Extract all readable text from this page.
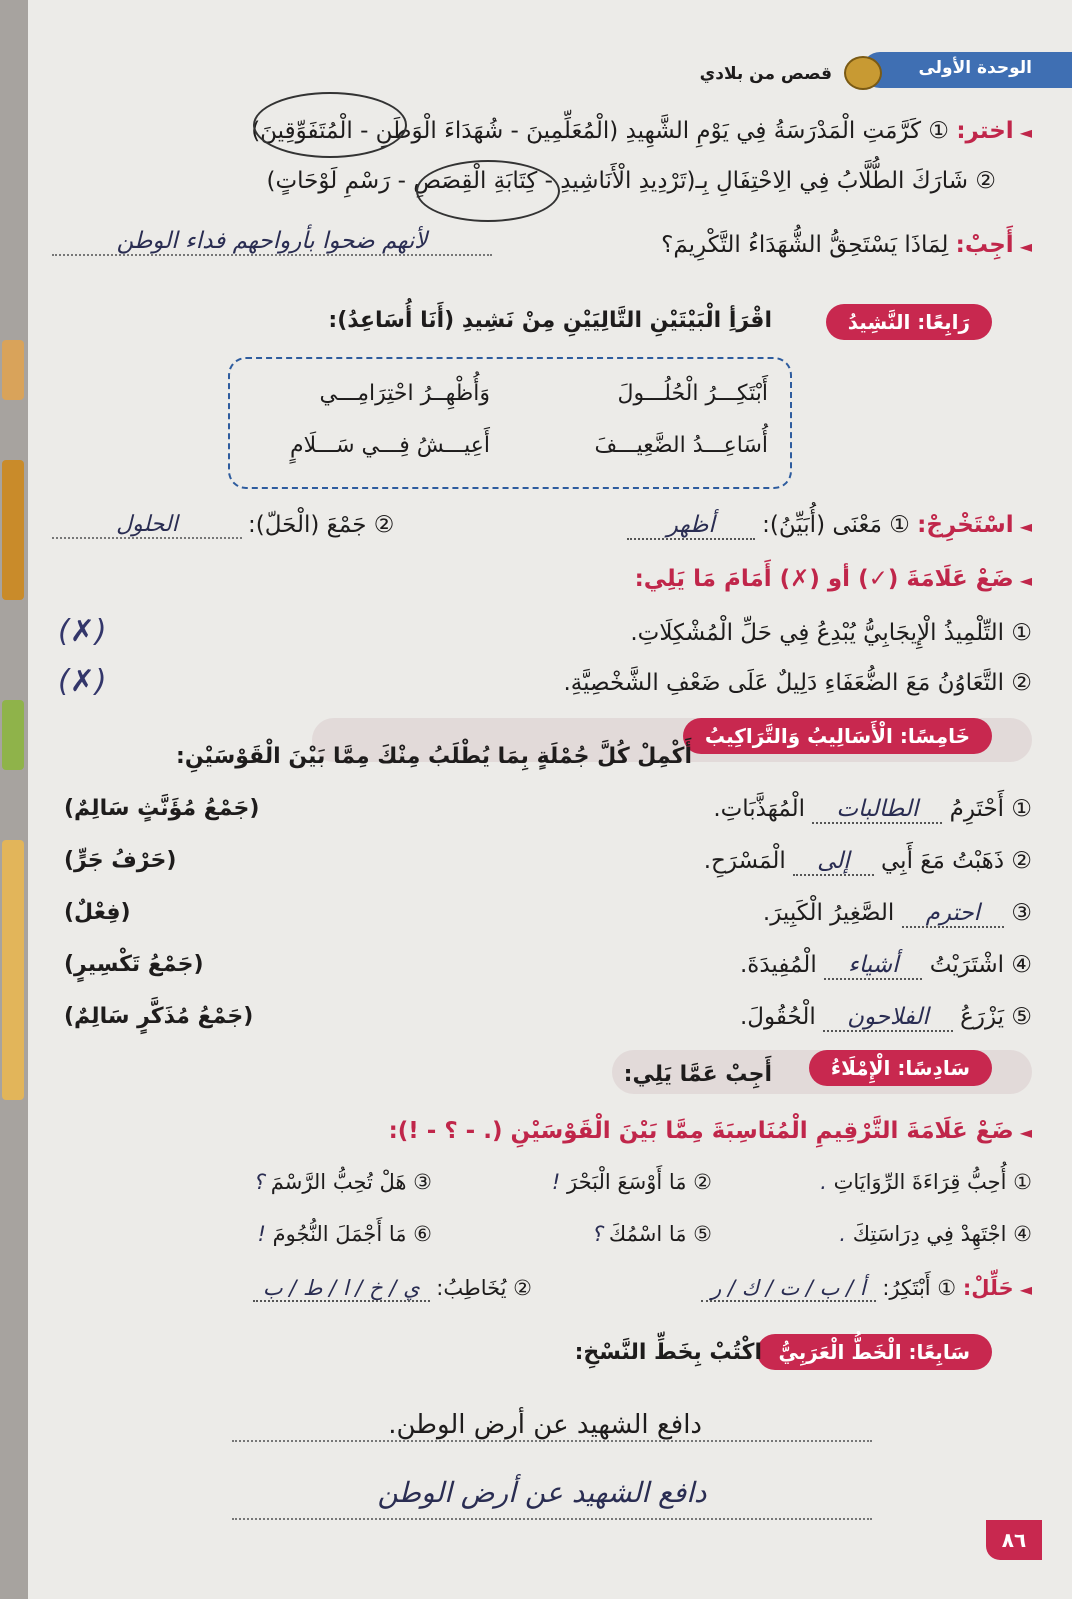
الوحدة الأولى
قصص من بلادي
◄اختر: ① كَرَّمَتِ الْمَدْرَسَةُ فِي يَوْمِ الشَّهِيدِ (الْمُعَلِّمِينَ - شُهَدَاءَ الْوَطَنِ - الْمُتَفَوِّقِينَ)
② شَارَكَ الطُّلَّابُ فِي الِاحْتِفَالِ بِـ(تَرْدِيدِ الْأَنَاشِيدِ - كِتَابَةِ الْقِصَصِ - رَسْمِ لَوْحَاتٍ)
◄أَجِبْ: لِمَاذَا يَسْتَحِقُّ الشُّهَدَاءُ التَّكْرِيمَ؟
لأنهم ضحوا بأرواحهم فداء الوطن
رَابِعًا: النَّشِيدُ
اقْرَأِ الْبَيْتَيْنِ التَّالِيَيْنِ مِنْ نَشِيدِ (أَنَا أُسَاعِدُ):
أَبْتَكِـــرُ الْحُلُـــولَ
وَأُظْهِــرُ احْتِرَامِـــي
أُسَاعِـــدُ الضَّعِيـــفَ
أَعِيـــشُ فِـــي سَـــلَامٍ
◄اسْتَخْرِجْ: ① مَعْنَى (أُبَيِّنُ): أظهر
② جَمْعَ (الْحَلّ):
الحلول
◄ضَعْ عَلَامَةَ (✓) أو (✗) أَمَامَ مَا يَلِي:
① التِّلْمِيذُ الْإِيجَابِيُّ يُبْدِعُ فِي حَلِّ الْمُشْكِلَاتِ.
(✗)
② التَّعَاوُنُ مَعَ الضُّعَفَاءِ دَلِيلٌ عَلَى ضَعْفِ الشَّخْصِيَّةِ.
(✗)
خَامِسًا: الْأَسَالِيبُ وَالتَّرَاكِيبُ
أَكْمِلْ كُلَّ جُمْلَةٍ بِمَا يُطْلَبُ مِنْكَ مِمَّا بَيْنَ الْقَوْسَيْنِ:
① أَحْتَرِمُ الطالبات الْمُهَذَّبَاتِ.
(جَمْعُ مُؤَنَّثٍ سَالِمٌ)
② ذَهَبْتُ مَعَ أَبِي إلى الْمَسْرَحِ.
(حَرْفُ جَرٍّ)
③ احترم الصَّغِيرُ الْكَبِيرَ.
(فِعْلٌ)
④ اشْتَرَيْتُ أشياء الْمُفِيدَةَ.
(جَمْعُ تَكْسِيرٍ)
⑤ يَزْرَعُ الفلاحون الْحُقُولَ.
(جَمْعُ مُذَكَّرٍ سَالِمٌ)
سَادِسًا: الْإِمْلَاءُ
أَجِبْ عَمَّا يَلِي:
◄ضَعْ عَلَامَةَ التَّرْقِيمِ الْمُنَاسِبَةَ مِمَّا بَيْنَ الْقَوْسَيْنِ (. - ؟ - !):
① أُحِبُّ قِرَاءَةَ الرِّوَايَاتِ .
② مَا أَوْسَعَ الْبَحْرَ !
③ هَلْ تُحِبُّ الرَّسْمَ ؟
④ اجْتَهِدْ فِي دِرَاسَتِكَ .
⑤ مَا اسْمُكَ ؟
⑥ مَا أَجْمَلَ النُّجُومَ !
◄حَلِّلْ: ① أَبْتَكِرُ: أ / ب / ت / ك / ر
② يُخَاطِبُ: ي / خ / ا / ط / ب
سَابِعًا: الْخَطُّ الْعَرَبِيُّ
اكْتُبْ بِخَطِّ النَّسْخِ:
دافع الشهيد عن أرض الوطن.
دافع الشهيد عن أرض الوطن
٨٦
